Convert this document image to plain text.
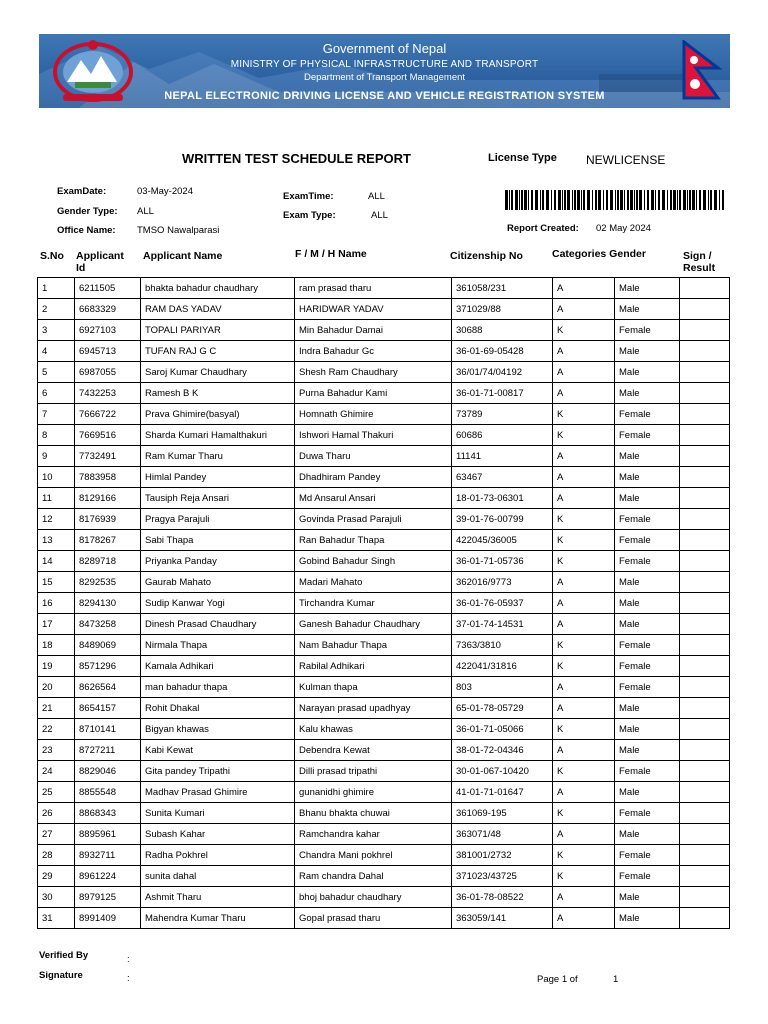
Government of Nepal
MINISTRY OF PHYSICAL INFRASTRUCTURE AND TRANSPORT
Department of Transport Management
NEPAL ELECTRONIC DRIVING LICENSE AND VEHICLE REGISTRATION SYSTEM
WRITTEN TEST SCHEDULE REPORT	License Type NEWLICENSE
ExamDate:	03-May-2024
Gender Type: ALL
Office Name: TMSO Nawalparasi
ExamTime:	ALL
Exam Type:	ALL
Report Created: 02 May 2024
S.No Applicant Id
Applicant Name	F / M / H Name	Citizenship No	Categories Gender	Sign / Result
1	6211505	bhakta bahadur chaudhary	ram prasad tharu	361058/231	A	Male	
2	6683329	RAM DAS YADAV	HARIDWAR YADAV	371029/88	A	Male	
3	6927103	TOPALI PARIYAR	Min Bahadur Damai	30688	K	Female	
4	6945713	TUFAN RAJ G C	Indra Bahadur Gc	36-01-69-05428	A	Male	
5	6987055	Saroj Kumar Chaudhary	Shesh Ram Chaudhary	36/01/74/04192	A	Male	
6	7432253	Ramesh B K	Purna Bahadur Kami	36-01-71-00817	A	Male	
7	7666722	Prava Ghimire(basyal)	Homnath Ghimire	73789	K	Female	
8	7669516	Sharda Kumari Hamalthakuri	Ishwori Hamal Thakuri	60686	K	Female	
9	7732491	Ram Kumar Tharu	Duwa Tharu	11141	A	Male	
10	7883958	Himlal Pandey	Dhadhiram Pandey	63467	A	Male	
11	8129166	Tausiph Reja Ansari	Md Ansarul Ansari	18-01-73-06301	A	Male	
12	8176939	Pragya Parajuli	Govinda Prasad Parajuli	39-01-76-00799	K	Female	
13	8178267	Sabi Thapa	Ran Bahadur Thapa	422045/36005	K	Female	
14	8289718	Priyanka Panday	Gobind Bahadur Singh	36-01-71-05736	K	Female	
15	8292535	Gaurab Mahato	Madari Mahato	362016/9773	A	Male	
16	8294130	Sudip Kanwar Yogi	Tirchandra Kumar	36-01-76-05937	A	Male	
17	8473258	Dinesh Prasad Chaudhary	Ganesh Bahadur Chaudhary	37-01-74-14531	A	Male	
18	8489069	Nirmala Thapa	Nam Bahadur Thapa	7363/3810	K	Female	
19	8571296	Kamala Adhikari	Rabilal Adhikari	422041/31816	K	Female	
20	8626564	man bahadur thapa	Kulman thapa	803	A	Female	
21	8654157	Rohit Dhakal	Narayan prasad upadhyay	65-01-78-05729	A	Male	
22	8710141	Bigyan khawas	Kalu khawas	36-01-71-05066	K	Male	
23	8727211	Kabi Kewat	Debendra Kewat	38-01-72-04346	A	Male	
24	8829046	Gita pandey Tripathi	Dilli prasad tripathi	30-01-067-10420	K	Female	
25	8855548	Madhav Prasad Ghimire	gunanidhi ghimire	41-01-71-01647	A	Male	
26	8868343	Sunita Kumari	Bhanu bhakta chuwai	361069-195	K	Female	
27	8895961	Subash Kahar	Ramchandra kahar	363071/48	A	Male	
28	8932711	Radha Pokhrel	Chandra Mani pokhrel	381001/2732	K	Female	
29	8961224	sunita dahal	Ram chandra Dahal	371023/43725	K	Female	
30	8979125	Ashmit Tharu	bhoj bahadur chaudhary	36-01-78-08522	A	Male	
31	8991409	Mahendra Kumar Tharu	Gopal prasad tharu	363059/141	A	Male	
Verified By	:
Signature	:	Page 1 of	1
